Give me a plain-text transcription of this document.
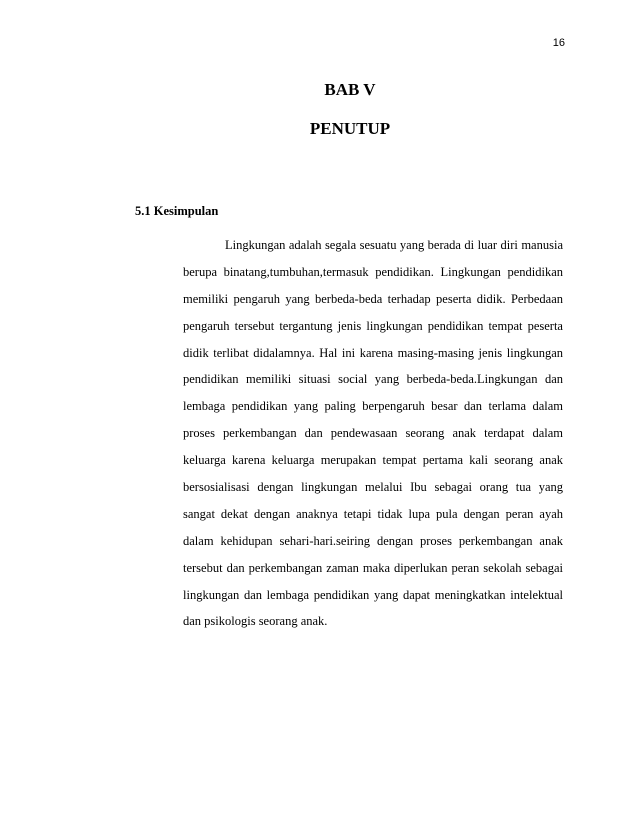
16
BAB V
PENUTUP
5.1 Kesimpulan
Lingkungan adalah segala sesuatu yang berada di luar diri manusia
berupa binatang,tumbuhan,termasuk pendidikan. Lingkungan pendidikan
memiliki pengaruh yang berbeda-beda terhadap peserta didik. Perbedaan
pengaruh tersebut tergantung jenis lingkungan pendidikan tempat peserta
didik terlibat didalamnya. Hal ini karena masing-masing jenis lingkungan
pendidikan memiliki situasi social yang berbeda-beda.Lingkungan dan
lembaga pendidikan yang paling berpengaruh besar dan terlama dalam
proses perkembangan dan pendewasaan seorang anak terdapat dalam
keluarga karena keluarga merupakan tempat pertama kali seorang anak
bersosialisasi dengan lingkungan melalui Ibu sebagai orang tua yang
sangat dekat dengan anaknya tetapi tidak lupa pula dengan peran ayah
dalam kehidupan sehari-hari.seiring dengan proses perkembangan anak
tersebut dan perkembangan zaman maka diperlukan peran sekolah sebagai
lingkungan dan lembaga pendidikan yang dapat meningkatkan intelektual
dan psikologis seorang anak.
